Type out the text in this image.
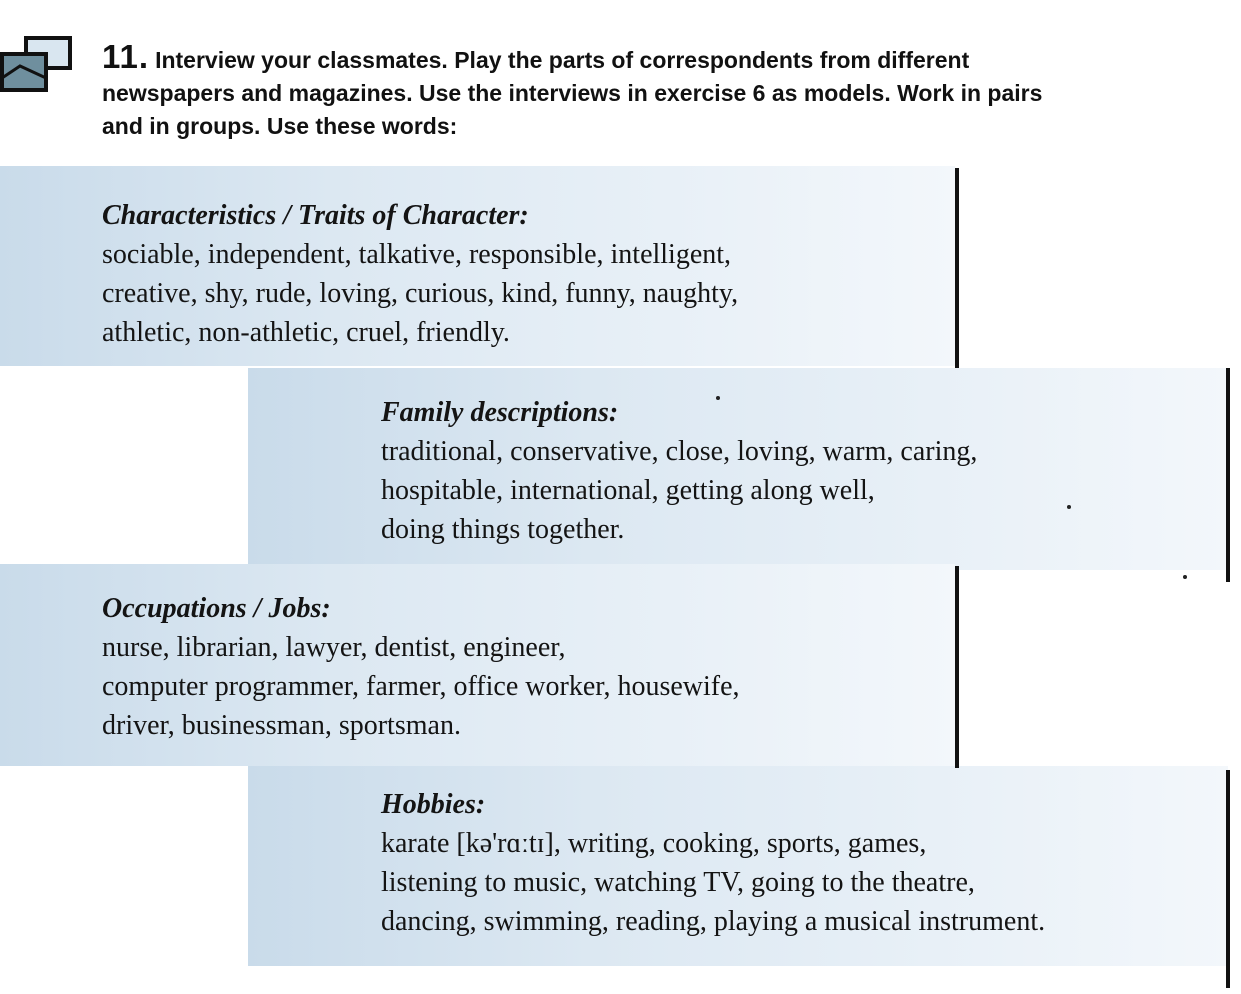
11. Interview your classmates. Play the parts of correspondents from different
newspapers and magazines. Use the interviews in exercise 6 as models. Work in pairs
and in groups. Use these words:
Characteristics / Traits of Character:
sociable, independent, talkative, responsible, intelligent,
creative, shy, rude, loving, curious, kind, funny, naughty,
athletic, non-athletic, cruel, friendly.
Family descriptions:
traditional, conservative, close, loving, warm, caring,
hospitable, international, getting along well,
doing things together.
Occupations / Jobs:
nurse, librarian, lawyer, dentist, engineer,
computer programmer, farmer, office worker, housewife,
driver, businessman, sportsman.
Hobbies:
karate [kə'rɑːtɪ], writing, cooking, sports, games,
listening to music, watching TV, going to the theatre,
dancing, swimming, reading, playing a musical instrument.
